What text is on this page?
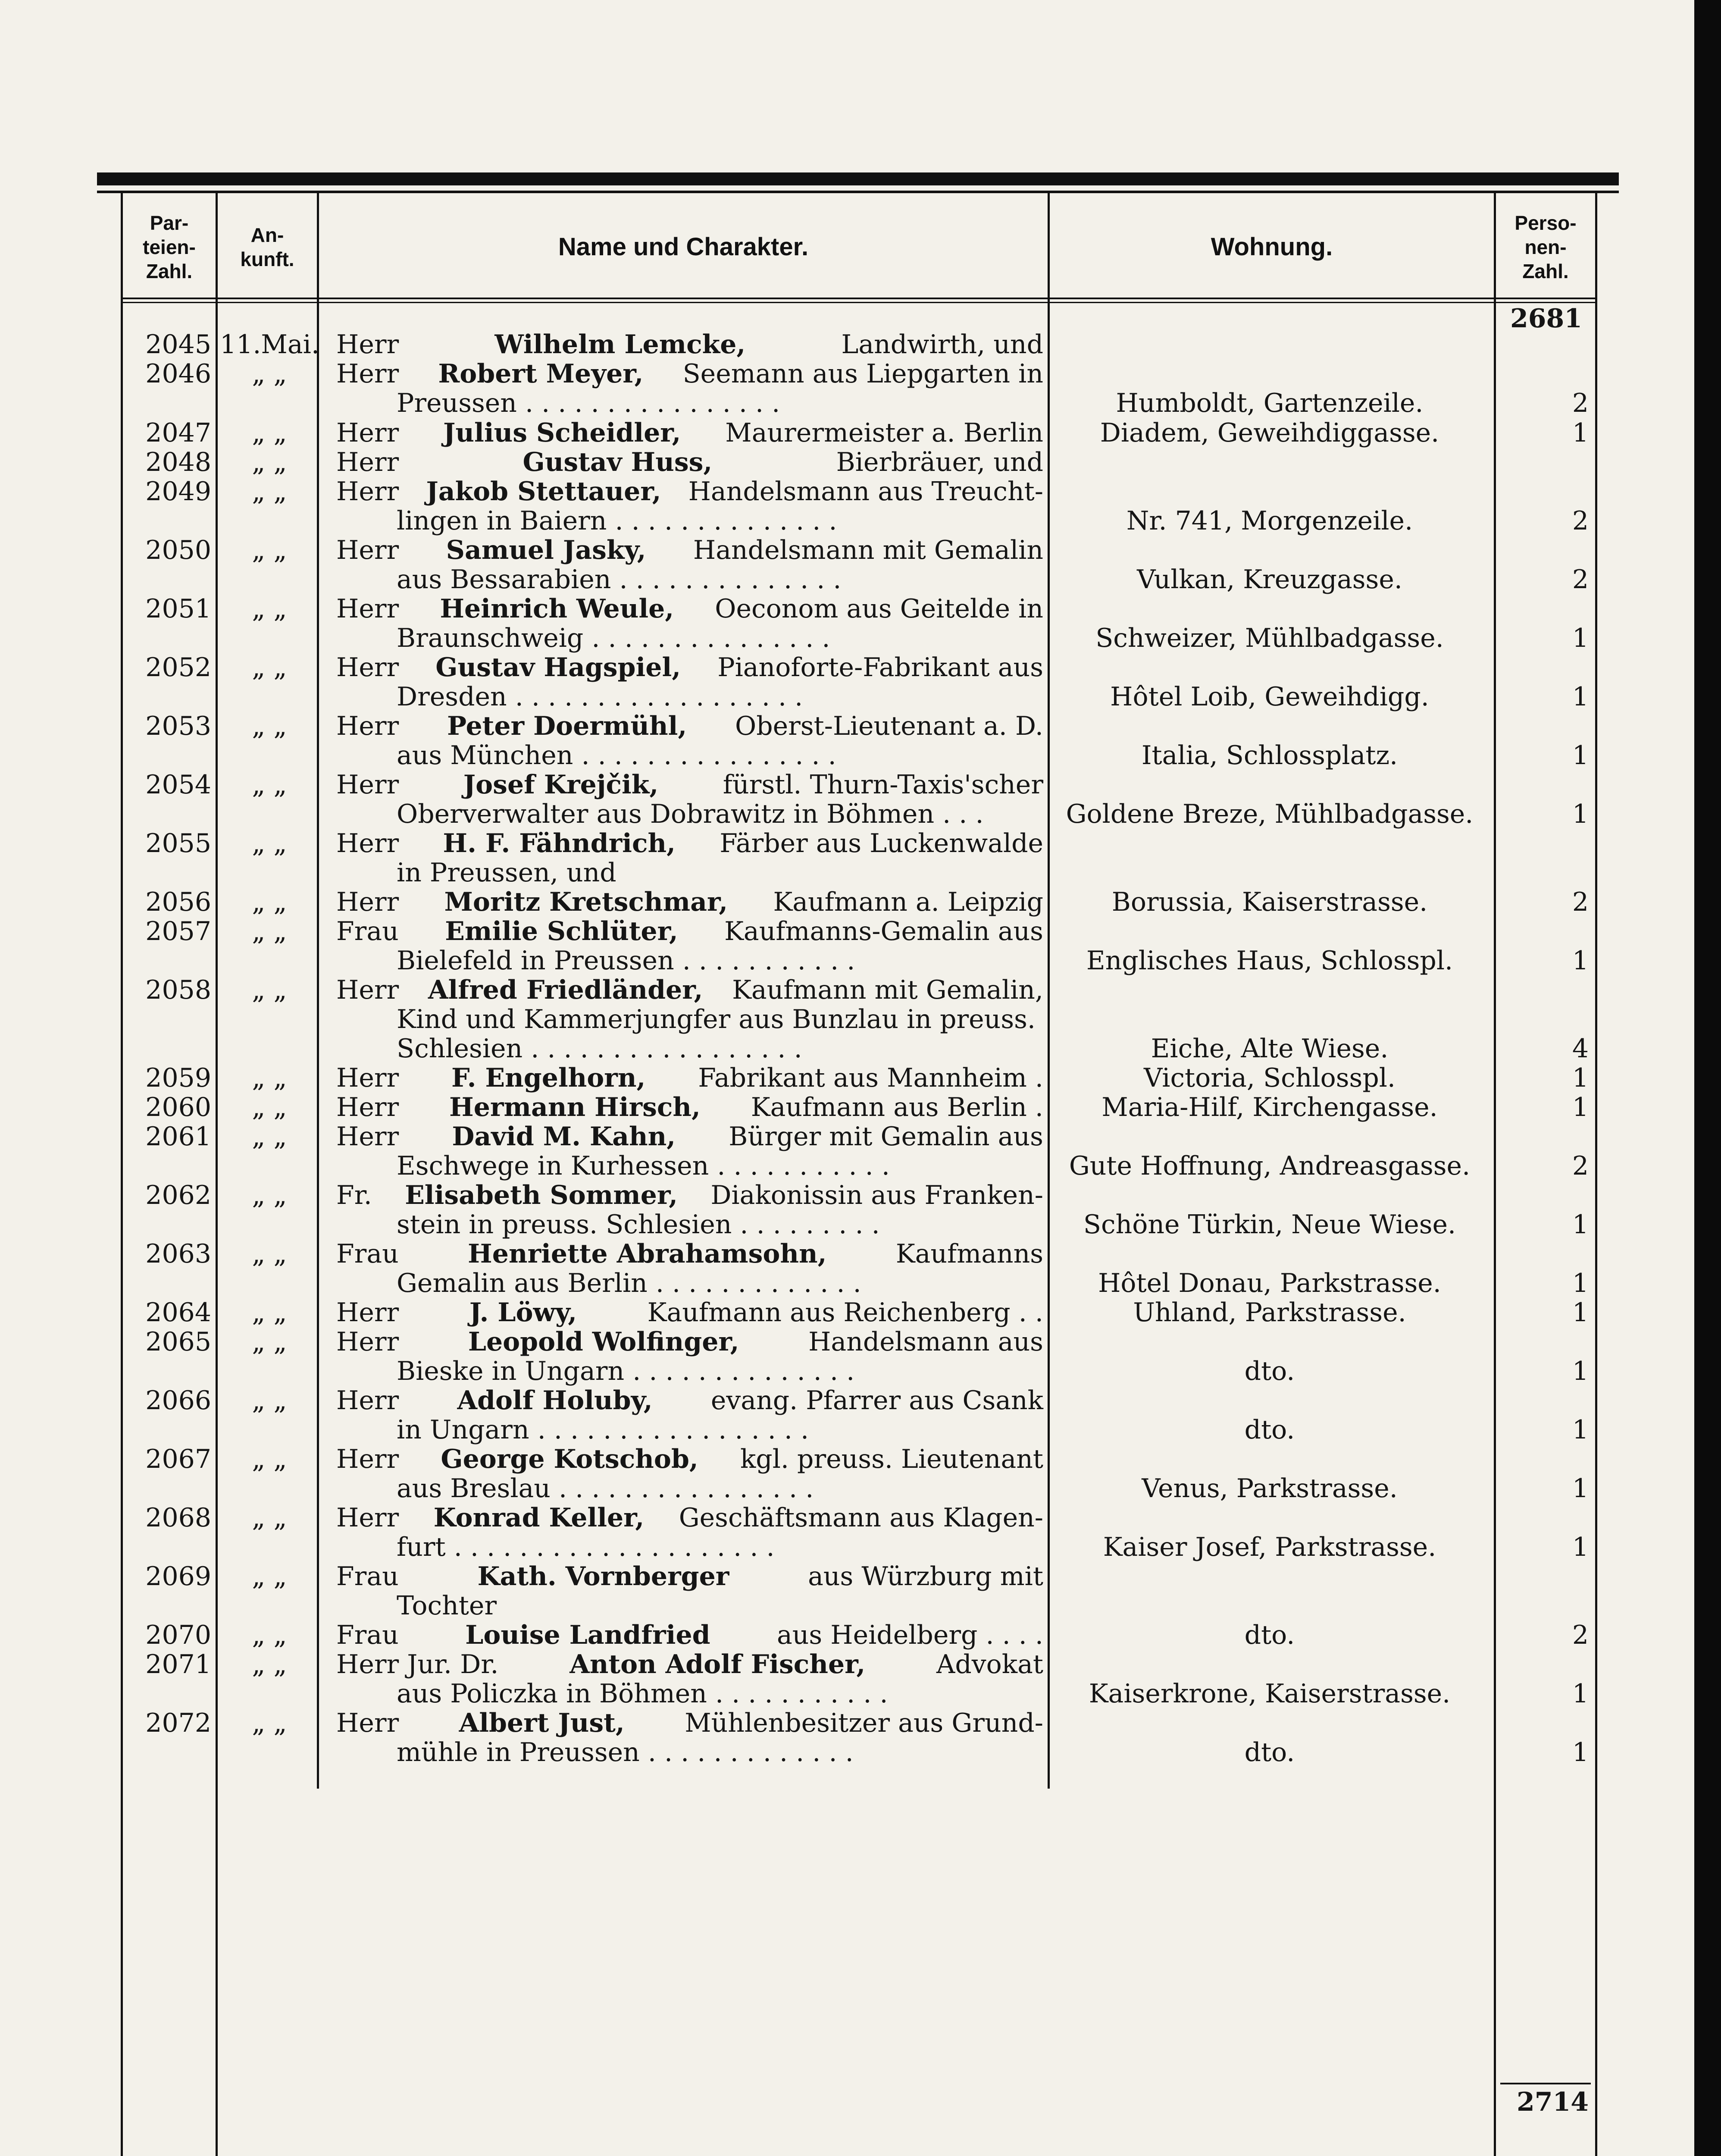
Par-
teien-
Zahl.
An-
kunft.	Name und Charakter.	Wohnung.
Perso-
nen-
Zahl.
2681
2045 11.Mai. Herr	Wilhelm Lemcke,	Landwirth, und
2046	„ „	Herr Robert Meyer, Seemann aus Liepgarten in
Preussen . . . . . . . . . . . . . . . .	Humboldt, Gartenzeile.	2
2047	„ „	Herr Julius Scheidler, Maurermeister a. Berlin	Diadem, Geweihdiggasse.	1
2048	„ „	Herr	Gustav Huss,	Bierbräuer, und
2049	„ „	Herr Jakob Stettauer, Handelsmann aus Treucht-
lingen in Baiern . . . . . . . . . . . . . .	Nr. 741, Morgenzeile.	2
2050	„ „	Herr Samuel Jasky, Handelsmann mit Gemalin
aus Bessarabien . . . . . . . . . . . . . .	Vulkan, Kreuzgasse.	2
2051	„ „	Herr Heinrich Weule, Oeconom aus Geitelde in
Braunschweig . . . . . . . . . . . . . . .	Schweizer, Mühlbadgasse.	1
2052	„ „	Herr Gustav Hagspiel, Pianoforte-Fabrikant aus
Dresden . . . . . . . . . . . . . . . . . .	Hôtel Loib, Geweihdigg.	1
2053	„ „	Herr Peter Doermühl, Oberst-Lieutenant a. D.
aus München . . . . . . . . . . . . . . . .	Italia, Schlossplatz.	1
2054	„ „	Herr Josef Krejčik, fürstl. Thurn-Taxis'scher
Oberverwalter aus Dobrawitz in Böhmen . . .	Goldene Breze, Mühlbadgasse.	1
2055	„ „	Herr H. F. Fähndrich, Färber aus Luckenwalde
in Preussen, und
2056	„ „	Herr Moritz Kretschmar, Kaufmann a. Leipzig	Borussia, Kaiserstrasse.	2
2057	„ „	Frau Emilie Schlüter, Kaufmanns-Gemalin aus
Bielefeld in Preussen . . . . . . . . . . .	Englisches Haus, Schlosspl.	1
2058	„ „	Herr Alfred Friedländer, Kaufmann mit Gemalin,
Kind und Kammerjungfer aus Bunzlau in preuss.
Schlesien . . . . . . . . . . . . . . . . .	Eiche, Alte Wiese.	4
2059	„ „	Herr F. Engelhorn, Fabrikant aus Mannheim .	Victoria, Schlosspl.	1
2060	„ „	Herr Hermann Hirsch, Kaufmann aus Berlin .	Maria-Hilf, Kirchengasse.	1
2061	„ „	Herr David M. Kahn, Bürger mit Gemalin aus
Eschwege in Kurhessen . . . . . . . . . . .	Gute Hoffnung, Andreasgasse.	2
2062	„ „	Fr. Elisabeth Sommer, Diakonissin aus Franken-
stein in preuss. Schlesien . . . . . . . . .	Schöne Türkin, Neue Wiese.	1
2063	„ „	Frau	Henriette Abrahamsohn,	Kaufmanns
Gemalin aus Berlin . . . . . . . . . . . . .	Hôtel Donau, Parkstrasse.	1
2064	„ „	Herr	J. Löwy,	Kaufmann aus Reichenberg . .	Uhland, Parkstrasse.	1
2065	„ „	Herr	Leopold Wolfinger,	Handelsmann aus
Bieske in Ungarn . . . . . . . . . . . . . .	dto.	1
2066	„ „	Herr Adolf Holuby, evang. Pfarrer aus Csank
in Ungarn . . . . . . . . . . . . . . . . .	dto.	1
2067	„ „	Herr George Kotschob, kgl. preuss. Lieutenant
aus Breslau . . . . . . . . . . . . . . . .	Venus, Parkstrasse.	1
2068	„ „	Herr Konrad Keller, Geschäftsmann aus Klagen-
furt . . . . . . . . . . . . . . . . . . . .	Kaiser Josef, Parkstrasse.	1
2069	„ „	Frau	Kath. Vornberger	aus Würzburg mit
Tochter
2070	„ „	Frau	Louise Landfried	aus Heidelberg . . . .	dto.	2
2071	„ „	Herr Jur. Dr.	Anton Adolf Fischer,	Advokat
aus Policzka in Böhmen . . . . . . . . . . .	Kaiserkrone, Kaiserstrasse.	1
2072	„ „	Herr Albert Just, Mühlenbesitzer aus Grund-
mühle in Preussen . . . . . . . . . . . . .	dto.	1
2714
